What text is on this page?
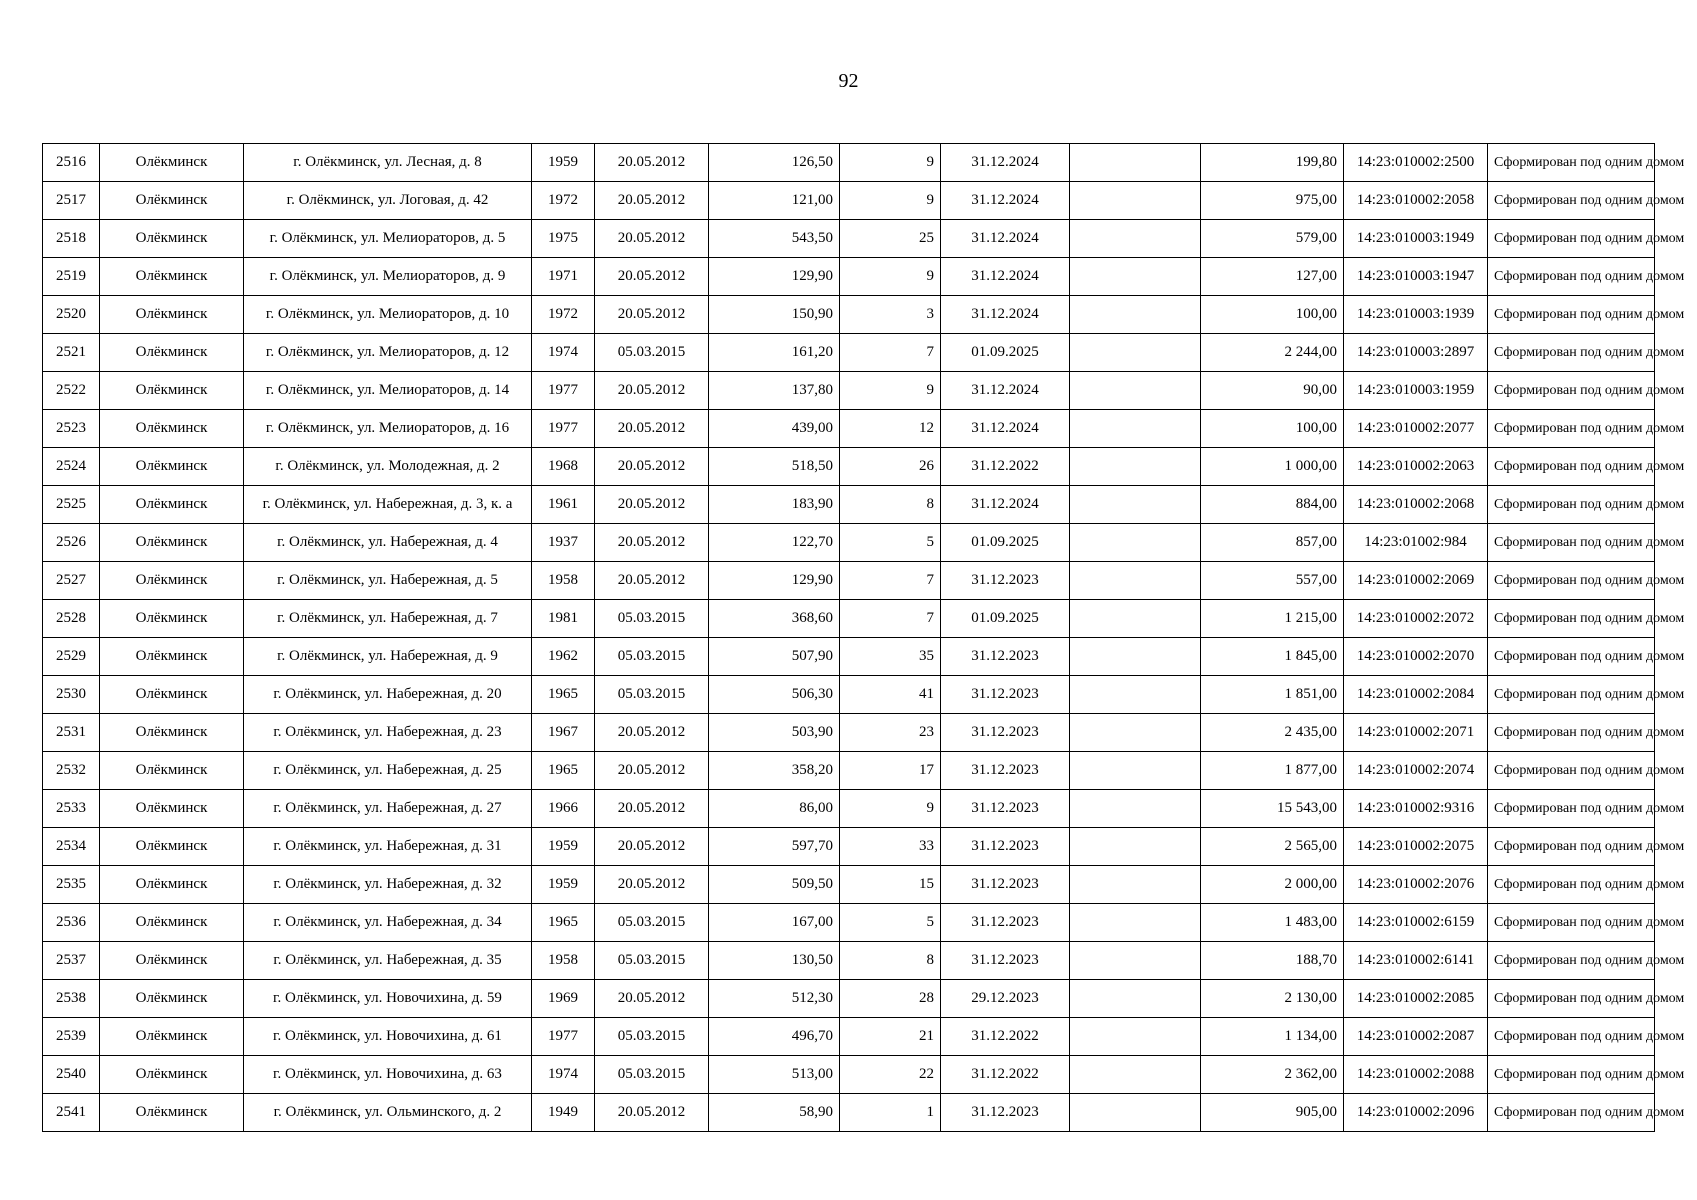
92
2516	Олёкминск	г. Олёкминск, ул. Лесная, д. 8	1959	20.05.2012	126,50	9	31.12.2024		199,80	14:23:010002:2500	Сформирован под одним домом
2517	Олёкминск	г. Олёкминск, ул. Логовая, д. 42	1972	20.05.2012	121,00	9	31.12.2024		975,00	14:23:010002:2058	Сформирован под одним домом
2518	Олёкминск	г. Олёкминск, ул. Мелиораторов, д. 5	1975	20.05.2012	543,50	25	31.12.2024		579,00	14:23:010003:1949	Сформирован под одним домом
2519	Олёкминск	г. Олёкминск, ул. Мелиораторов, д. 9	1971	20.05.2012	129,90	9	31.12.2024		127,00	14:23:010003:1947	Сформирован под одним домом
2520	Олёкминск	г. Олёкминск, ул. Мелиораторов, д. 10	1972	20.05.2012	150,90	3	31.12.2024		100,00	14:23:010003:1939	Сформирован под одним домом
2521	Олёкминск	г. Олёкминск, ул. Мелиораторов, д. 12	1974	05.03.2015	161,20	7	01.09.2025		2 244,00	14:23:010003:2897	Сформирован под одним домом
2522	Олёкминск	г. Олёкминск, ул. Мелиораторов, д. 14	1977	20.05.2012	137,80	9	31.12.2024		90,00	14:23:010003:1959	Сформирован под одним домом
2523	Олёкминск	г. Олёкминск, ул. Мелиораторов, д. 16	1977	20.05.2012	439,00	12	31.12.2024		100,00	14:23:010002:2077	Сформирован под одним домом
2524	Олёкминск	г. Олёкминск, ул. Молодежная, д. 2	1968	20.05.2012	518,50	26	31.12.2022		1 000,00	14:23:010002:2063	Сформирован под одним домом
2525	Олёкминск	г. Олёкминск, ул. Набережная, д. 3, к. а	1961	20.05.2012	183,90	8	31.12.2024		884,00	14:23:010002:2068	Сформирован под одним домом
2526	Олёкминск	г. Олёкминск, ул. Набережная, д. 4	1937	20.05.2012	122,70	5	01.09.2025		857,00	14:23:01002:984	Сформирован под одним домом
2527	Олёкминск	г. Олёкминск, ул. Набережная, д. 5	1958	20.05.2012	129,90	7	31.12.2023		557,00	14:23:010002:2069	Сформирован под одним домом
2528	Олёкминск	г. Олёкминск, ул. Набережная, д. 7	1981	05.03.2015	368,60	7	01.09.2025		1 215,00	14:23:010002:2072	Сформирован под одним домом
2529	Олёкминск	г. Олёкминск, ул. Набережная, д. 9	1962	05.03.2015	507,90	35	31.12.2023		1 845,00	14:23:010002:2070	Сформирован под одним домом
2530	Олёкминск	г. Олёкминск, ул. Набережная, д. 20	1965	05.03.2015	506,30	41	31.12.2023		1 851,00	14:23:010002:2084	Сформирован под одним домом
2531	Олёкминск	г. Олёкминск, ул. Набережная, д. 23	1967	20.05.2012	503,90	23	31.12.2023		2 435,00	14:23:010002:2071	Сформирован под одним домом
2532	Олёкминск	г. Олёкминск, ул. Набережная, д. 25	1965	20.05.2012	358,20	17	31.12.2023		1 877,00	14:23:010002:2074	Сформирован под одним домом
2533	Олёкминск	г. Олёкминск, ул. Набережная, д. 27	1966	20.05.2012	86,00	9	31.12.2023		15 543,00	14:23:010002:9316	Сформирован под одним домом
2534	Олёкминск	г. Олёкминск, ул. Набережная, д. 31	1959	20.05.2012	597,70	33	31.12.2023		2 565,00	14:23:010002:2075	Сформирован под одним домом
2535	Олёкминск	г. Олёкминск, ул. Набережная, д. 32	1959	20.05.2012	509,50	15	31.12.2023		2 000,00	14:23:010002:2076	Сформирован под одним домом
2536	Олёкминск	г. Олёкминск, ул. Набережная, д. 34	1965	05.03.2015	167,00	5	31.12.2023		1 483,00	14:23:010002:6159	Сформирован под одним домом
2537	Олёкминск	г. Олёкминск, ул. Набережная, д. 35	1958	05.03.2015	130,50	8	31.12.2023		188,70	14:23:010002:6141	Сформирован под одним домом
2538	Олёкминск	г. Олёкминск, ул. Новочихина, д. 59	1969	20.05.2012	512,30	28	29.12.2023		2 130,00	14:23:010002:2085	Сформирован под одним домом
2539	Олёкминск	г. Олёкминск, ул. Новочихина, д. 61	1977	05.03.2015	496,70	21	31.12.2022		1 134,00	14:23:010002:2087	Сформирован под одним домом
2540	Олёкминск	г. Олёкминск, ул. Новочихина, д. 63	1974	05.03.2015	513,00	22	31.12.2022		2 362,00	14:23:010002:2088	Сформирован под одним домом
2541	Олёкминск	г. Олёкминск, ул. Ольминского, д. 2	1949	20.05.2012	58,90	1	31.12.2023		905,00	14:23:010002:2096	Сформирован под одним домом
